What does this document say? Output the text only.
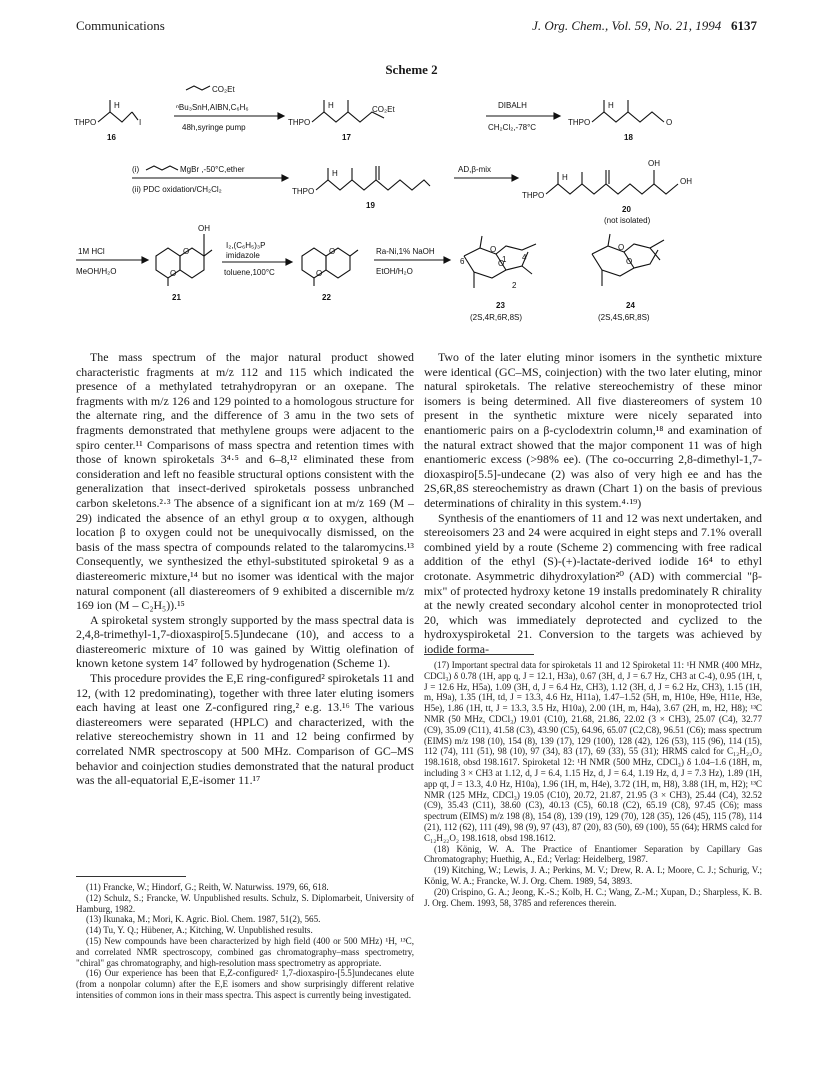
Communications	J. Org. Chem., Vol. 59, No. 21, 1994 6137
Scheme 2
THPO
H
I
16
CO₂Et
ⁿBu₃SnH,AIBN,C₆H₆
48h,syringe pump
THPO
H	CO₂Et
17
DIBALH
CH₂Cl₂,-78°C
THPO
H
O
18
(i)	MgBr ,-50°C,ether
(ii) PDC oxidation/CH₂Cl₂	THPO
H
19
AD,β-mix
THPO
H
OH
OH
20
(not isolated)
1M HCl
MeOH/H₂O
OH
O
O
21
I₂,(C₆H₅)₃P
imidazole
toluene,100°C
O
O
22
Ra-Ni,1% NaOH
EtOH/H₂O
O
O
6	1 4
2
23
(2S,4R,6R,8S)
O
O
24
(2S,4S,6R,8S)

The mass spectrum of the major natural product showed characteristic fragments at m/z 112 and 115 which indicated the presence of a methylated tetrahydropyran or an oxepane. The fragments with m/z 126 and 129 pointed to a homologous structure for the alternate ring, and the difference of 3 amu in the two sets of fragments demonstrated that methylene groups were adjacent to the spiro center.¹¹ Comparisons of mass spectra and retention times with those of known spiroketals 3⁴·⁵ and 6–8,¹² eliminated these from consideration and left no feasible structural options consistent with the generalization that insect-derived spiroketals possess unbranched carbon skeletons.²·³ The absence of a significant ion at m/z 169 (M – 29) indicated the absence of an ethyl group α to oxygen, although location β to oxygen could not be unequivocally dismissed, on the basis of the mass spectra of compounds related to the talaromycins.¹³ Consequently, we synthesized the ethyl-substituted spiroketal 9 as a diastereomeric mixture,¹⁴ but no isomer was identical with the major natural component (all diastereomers of 9 exhibited a discernible m/z 169 ion (M – C₂H₅)).¹⁵

A spiroketal system strongly supported by the mass spectral data is 2,4,8-trimethyl-1,7-dioxaspiro[5.5]undecane (10), and access to a diastereomeric mixture of 10 was gained by Wittig olefination of known ketone system 14⁷ followed by hydrogenation (Scheme 1).

This procedure provides the E,E ring-configured² spiroketals 11 and 12, (with 12 predominating), together with three later eluting isomers each having at least one Z-configured ring,² e.g. 13.¹⁶ The various diastereomers were separated (HPLC) and characterized, with the relative stereochemistry shown in 11 and 12 being confirmed by correlated NMR spectroscopy at 500 MHz. Comparison of GC–MS behavior and coinjection studies demonstrated that the natural product was the all-equatorial E,E-isomer 11.¹⁷

Two of the later eluting minor isomers in the synthetic mixture were identical (GC–MS, coinjection) with the two later eluting, minor natural spiroketals. The relative stereochemistry of these minor isomers is being determined. All five diastereomers of system 10 present in the synthetic mixture were nicely separated into enantiomeric pairs on a β-cyclodextrin column,¹⁸ and examination of the natural extract showed that the major component 11 was of high enantiomeric excess (>98% ee). (The co-occurring 2,8-dimethyl-1,7-dioxaspiro[5.5]-undecane (2) was also of very high ee and has the 2S,6R,8S stereochemistry as drawn (Chart 1) on the basis of previous determinations of chirality in this system.⁴·¹⁹)

Synthesis of the enantiomers of 11 and 12 was next undertaken, and stereoisomers 23 and 24 were acquired in eight steps and 7.1% overall combined yield by a route (Scheme 2) commencing with free radical addition of the ethyl (S)-(+)-lactate-derived iodide 16⁴ to ethyl crotonate. Asymmetric dihydroxylation²⁰ (AD) with commercial "β-mix" of protected hydroxy ketone 19 installs predominately R chirality at the newly created secondary alcohol center in monoprotected triol 20, which was immediately deprotected and cyclized to the hydroxyspiroketal 21. Conversion to the targets was achieved by iodide forma-

(11) Francke, W.; Hindorf, G.; Reith, W. Naturwiss. 1979, 66, 618.

(12) Schulz, S.; Francke, W. Unpublished results. Schulz, S. Diplomarbeit, University of Hamburg, 1982.

(13) Ikunaka, M.; Mori, K. Agric. Biol. Chem. 1987, 51(2), 565.

(14) Tu, Y. Q.; Hübener, A.; Kitching, W. Unpublished results.

(15) New compounds have been characterized by high field (400 or 500 MHz) ¹H, ¹³C, and correlated NMR spectroscopy, combined gas chromatography–mass spectrometry, "chiral" gas chromatography, and high-resolution mass spectrometry as appropriate.

(16) Our experience has been that E,Z-configured² 1,7-dioxaspiro-[5.5]undecanes elute (from a nonpolar column) after the E,E isomers and show surprisingly different relative intensities of common ions in their mass spectra. This aspect is currently being investigated.

(17) Important spectral data for spiroketals 11 and 12 Spiroketal 11: ¹H NMR (400 MHz, CDCl₃) δ 0.78 (1H, app q, J = 12.1, H3a), 0.67 (3H, d, J = 6.7 Hz, CH3 at C-4), 0.95 (1H, t, J = 12.6 Hz, H5a), 1.09 (3H, d, J = 6.4 Hz, CH3), 1.12 (3H, d, J = 6.2 Hz, CH3), 1.15 (1H, m, H9a), 1.35 (1H, td, J = 13.3, 4.6 Hz, H11a), 1.47–1.52 (5H, m, H10e, H9e, H11e, H3e, H5e), 1.86 (1H, tt, J = 13.3, 3.5 Hz, H10a), 2.00 (1H, m, H4a), 3.67 (2H, m, H2, H8); ¹³C NMR (50 MHz, CDCl₃) 19.01 (C10), 21.68, 21.86, 22.02 (3 × CH3), 25.07 (C4), 32.77 (C9), 35.09 (C11), 41.58 (C3), 43.90 (C5), 64.96, 65.07 (C2,C8), 96.51 (C6); mass spectrum (EIMS) m/z 198 (10), 154 (8), 139 (17), 129 (100), 128 (42), 126 (53), 115 (96), 114 (15), 112 (74), 111 (51), 98 (10), 97 (34), 83 (17), 69 (33), 55 (31); HRMS calcd for C₁₂H₂₂O₂ 198.1618, obsd 198.1617. Spiroketal 12: ¹H NMR (500 MHz, CDCl₃) δ 1.04–1.6 (18H, m, including 3 × CH3 at 1.12, d, J = 6.4, 1.15 Hz, d, J = 6.4, 1.19 Hz, d, J = 7.3 Hz), 1.89 (1H, app qt, J = 13.3, 4.0 Hz, H10a), 1.96 (1H, m, H4e), 3.72 (1H, m, H8), 3.88 (1H, m, H2); ¹³C NMR (125 MHz, CDCl₃) 19.05 (C10), 20.72, 21.87, 21.95 (3 × CH3), 25.44 (C4), 32.52 (C9), 35.43 (C11), 38.60 (C3), 40.13 (C5), 60.18 (C2), 65.19 (C8), 97.45 (C6); mass spectrum (EIMS) m/z 198 (8), 154 (8), 139 (19), 129 (70), 128 (35), 126 (45), 115 (78), 114 (21), 112 (62), 111 (49), 98 (9), 97 (43), 87 (20), 83 (50), 69 (100), 55 (64); HRMS calcd for C₁₂H₂₂O₂ 198.1618, obsd 198.1612.

(18) König, W. A. The Practice of Enantiomer Separation by Capillary Gas Chromatography; Huethig, A., Ed.; Verlag: Heidelberg, 1987.

(19) Kitching, W.; Lewis, J. A.; Perkins, M. V.; Drew, R. A. I.; Moore, C. J.; Schurig, V.; König, W. A.; Francke, W. J. Org. Chem. 1989, 54, 3893.

(20) Crispino, G. A.; Jeong, K.-S.; Kolb, H. C.; Wang, Z.-M.; Xupan, D.; Sharpless, K. B. J. Org. Chem. 1993, 58, 3785 and references therein.
